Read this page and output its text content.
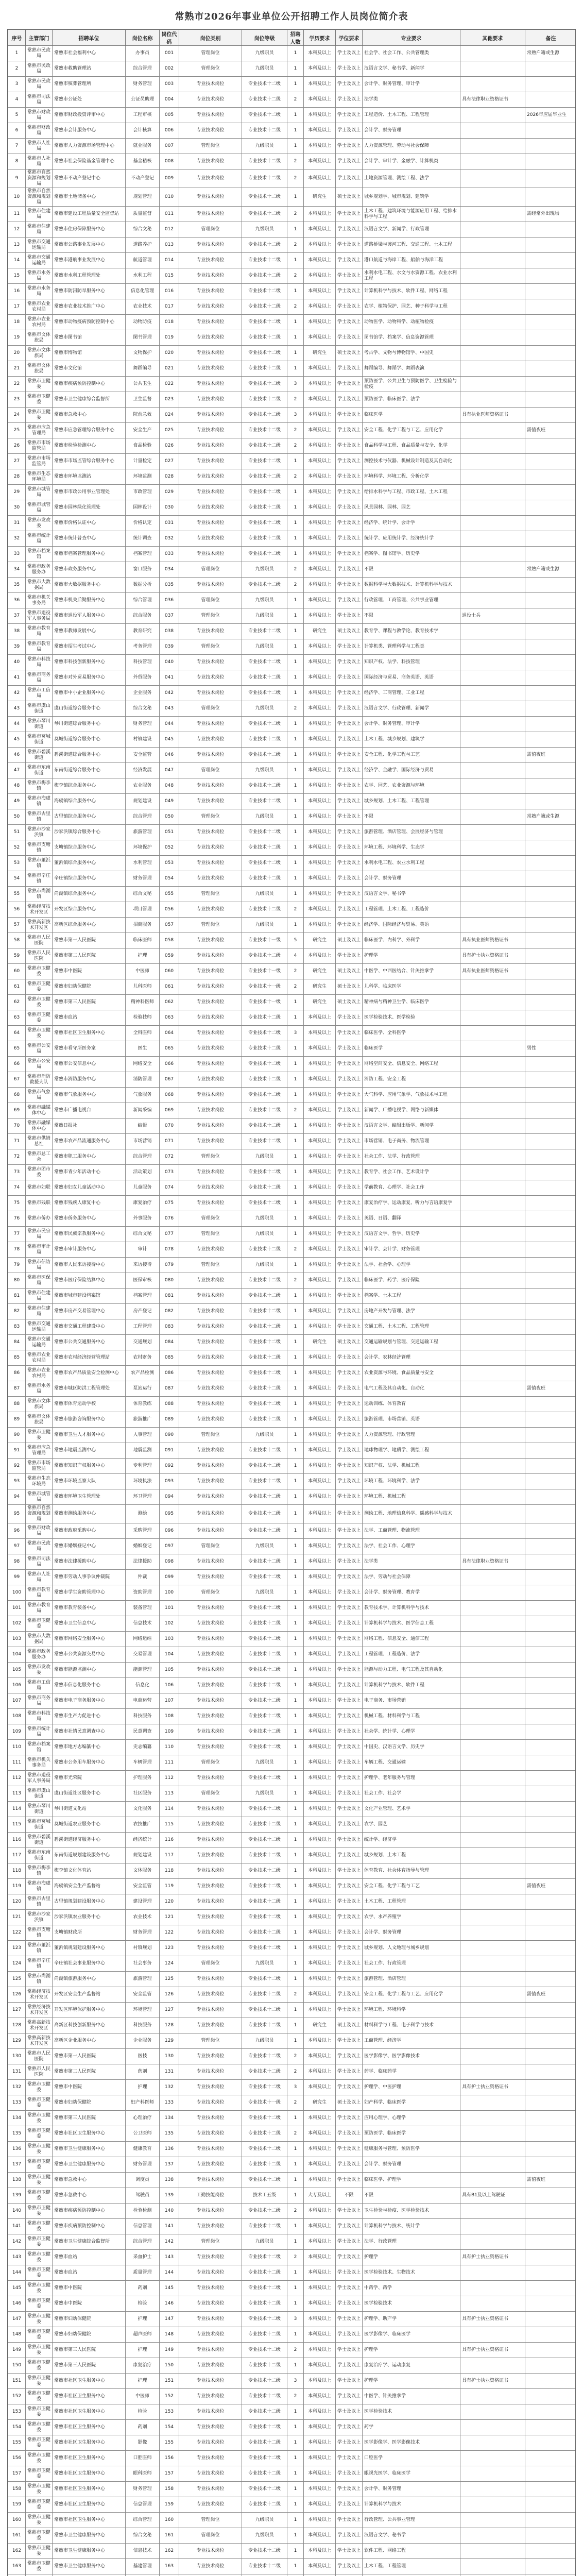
常熟市2026年事业单位公开招聘工作人员岗位简介表
序号	主管部门	招聘单位	岗位名称	岗位代码	岗位类别	岗位等级	招聘人数	学历要求	学位要求	专业要求	其他要求	备注
1	常熟市民政局	常熟市社会福利中心	办事员	001	管理岗位	九级职员	1	本科及以上	学士及以上	社会学、社会工作、公共管理类		常熟户籍或生源
2	常熟市民政局	常熟市救助管理站	综合管理	002	管理岗位	九级职员	1	本科及以上	学士及以上	汉语言文学、秘书学、新闻学		
3	常熟市民政局	常熟市殡葬管理所	财务管理	003	专业技术岗位	专业技术十二级	1	本科及以上	学士及以上	会计学、财务管理、审计学		
4	常熟市司法局	常熟市公证处	公证员助理	004	专业技术岗位	专业技术十二级	2	本科及以上	学士及以上	法学类	具有法律职业资格证书	
5	常熟市财政局	常熟市财政投资评审中心	工程审核	005	专业技术岗位	专业技术十二级	1	本科及以上	学士及以上	工程造价、土木工程、工程管理		2026年应届毕业生
6	常熟市财政局	常熟市会计服务中心	会计核算	006	专业技术岗位	专业技术十二级	1	本科及以上	学士及以上	会计学、财务管理		
7	常熟市人社局	常熟市人力资源市场管理中心	就业服务	007	管理岗位	九级职员	1	本科及以上	学士及以上	人力资源管理、劳动与社会保障		
8	常熟市人社局	常熟市社会保险基金管理中心	基金稽核	008	专业技术岗位	专业技术十二级	2	本科及以上	学士及以上	会计学、审计学、金融学、计算机类		
9	常熟市自然资源和规划局	常熟市不动产登记中心	不动产登记	009	专业技术岗位	专业技术十二级	2	本科及以上	学士及以上	土地资源管理、测绘工程、法学		
10	常熟市自然资源和规划局	常熟市土地储备中心	规划管理	010	专业技术岗位	专业技术十二级	1	研究生	硕士及以上	城乡规划学、城市规划、建筑学		
11	常熟市住建局	常熟市建设工程质量安全监督站	质量监督	011	专业技术岗位	专业技术十二级	2	本科及以上	学士及以上	土木工程、建筑环境与能源应用工程、给排水科学与工程		需经常外出现场
12	常熟市住建局	常熟市住房保障服务中心	综合文秘	012	管理岗位	九级职员	1	本科及以上	学士及以上	汉语言文学、新闻学、行政管理		
13	常熟市交通运输局	常熟市公路事业发展中心	道路养护	013	专业技术岗位	专业技术十二级	2	本科及以上	学士及以上	道路桥梁与渡河工程、交通工程、土木工程		
14	常熟市交通运输局	常熟市港航事业发展中心	航道管理	014	专业技术岗位	专业技术十二级	1	本科及以上	学士及以上	港口航道与海岸工程、船舶与海洋工程		
15	常熟市水务局	常熟市水利工程管理处	水利工程	015	专业技术岗位	专业技术十二级	2	本科及以上	学士及以上	水利水电工程、水文与水资源工程、农业水利工程		
16	常熟市水务局	常熟市防汛防旱服务中心	信息化管理	016	专业技术岗位	专业技术十二级	1	本科及以上	学士及以上	计算机科学与技术、软件工程、网络工程		
17	常熟市农业农村局	常熟市农业技术推广中心	农业技术	017	专业技术岗位	专业技术十二级	2	本科及以上	学士及以上	农学、植物保护、园艺、种子科学与工程		
18	常熟市农业农村局	常熟市动物疫病预防控制中心	动物防疫	018	专业技术岗位	专业技术十二级	1	本科及以上	学士及以上	动物医学、动物科学、动植物检疫		
19	常熟市文体旅局	常熟市图书馆	图书管理	019	专业技术岗位	专业技术十二级	1	本科及以上	学士及以上	图书馆学、档案学、信息资源管理		
20	常熟市文体旅局	常熟市博物馆	文物保护	020	专业技术岗位	专业技术十二级	1	研究生	硕士及以上	考古学、文物与博物馆学、中国史		
21	常熟市文体旅局	常熟市文化馆	舞蹈编导	021	专业技术岗位	专业技术十二级	1	本科及以上	学士及以上	舞蹈编导、舞蹈学、舞蹈表演		
22	常熟市卫健委	常熟市疾病预防控制中心	公共卫生	022	专业技术岗位	专业技术十二级	3	本科及以上	学士及以上	预防医学、公共卫生与预防医学、卫生检验与检疫		
23	常熟市卫健委	常熟市卫生健康综合监督所	卫生监督	023	专业技术岗位	专业技术十二级	2	本科及以上	学士及以上	预防医学、临床医学、法学		
24	常熟市卫健委	常熟市急救中心	院前急救	024	专业技术岗位	专业技术十二级	3	本科及以上	学士及以上	临床医学	具有执业医师资格证书	
25	常熟市应急管理局	常熟市应急管理综合服务中心	安全生产	025	专业技术岗位	专业技术十二级	2	本科及以上	学士及以上	安全工程、化学工程与工艺、应用化学		需值夜班
26	常熟市市场监管局	常熟市检验检测中心	食品检验	026	专业技术岗位	专业技术十二级	2	本科及以上	学士及以上	食品科学与工程、食品质量与安全、化学		
27	常熟市市场监管局	常熟市市场监管综合服务中心	计量检定	027	专业技术岗位	专业技术十二级	1	本科及以上	学士及以上	测控技术与仪器、机械设计制造及其自动化		
28	常熟市生态环境局	常熟市环境监测站	环境监测	028	专业技术岗位	专业技术十二级	2	本科及以上	学士及以上	环境科学、环境工程、分析化学		
29	常熟市城管局	常熟市市政公用事业管理处	市政管理	029	专业技术岗位	专业技术十二级	1	本科及以上	学士及以上	给排水科学与工程、市政工程、土木工程		
30	常熟市城管局	常熟市园林绿化管理处	园林设计	030	专业技术岗位	专业技术十二级	1	本科及以上	学士及以上	风景园林、园林、园艺		
31	常熟市发改委	常熟市价格认证中心	价格认定	031	专业技术岗位	专业技术十二级	1	本科及以上	学士及以上	经济学、统计学、会计学		
32	常熟市统计局	常熟市统计普查中心	统计调查	032	专业技术岗位	专业技术十二级	1	本科及以上	学士及以上	统计学、应用统计学、经济统计学		
33	常熟市档案馆	常熟市档案管理服务中心	档案管理	033	专业技术岗位	专业技术十二级	1	本科及以上	学士及以上	档案学、图书馆学、历史学		
34	常熟市政务服务办	常熟市政务服务中心	窗口服务	034	管理岗位	九级职员	2	本科及以上	学士及以上	不限		常熟户籍或生源
35	常熟市大数据局	常熟市大数据服务中心	数据分析	035	专业技术岗位	专业技术十二级	2	本科及以上	学士及以上	数据科学与大数据技术、计算机科学与技术		
36	常熟市机关事务局	常熟市机关后勤服务中心	综合管理	036	管理岗位	九级职员	1	本科及以上	学士及以上	行政管理、工商管理、公共事业管理		
37	常熟市退役军人事务局	常熟市退役军人服务中心	综合服务	037	管理岗位	九级职员	1	本科及以上	学士及以上	不限	退役士兵	
38	常熟市教育局	常熟市教师发展中心	教育研究	038	专业技术岗位	专业技术十二级	1	研究生	硕士及以上	教育学、课程与教学论、教育技术学		
39	常熟市教育局	常熟市招生考试中心	考务管理	039	管理岗位	九级职员	1	本科及以上	学士及以上	计算机类、管理科学与工程类		
40	常熟市科技局	常熟市科技创新服务中心	科技管理	040	专业技术岗位	专业技术十二级	1	本科及以上	学士及以上	知识产权、法学、科技管理		
41	常熟市商务局	常熟市对外贸易服务中心	外贸服务	041	专业技术岗位	专业技术十二级	1	本科及以上	学士及以上	国际经济与贸易、商务英语、英语		
42	常熟市工信局	常熟市中小企业服务中心	企业服务	042	专业技术岗位	专业技术十二级	1	本科及以上	学士及以上	经济学、工商管理、工业工程		
43	常熟市虞山街道	虞山街道综合服务中心	综合文秘	043	管理岗位	九级职员	2	本科及以上	学士及以上	汉语言文学、行政管理、新闻学		
44	常熟市琴川街道	琴川街道综合服务中心	财务管理	044	专业技术岗位	专业技术十二级	1	本科及以上	学士及以上	会计学、财务管理、审计学		
45	常熟市莫城街道	莫城街道综合服务中心	村镇建设	045	专业技术岗位	专业技术十二级	1	本科及以上	学士及以上	土木工程、城乡规划、建筑学		
46	常熟市碧溪街道	碧溪街道综合服务中心	安全监管	046	专业技术岗位	专业技术十二级	1	本科及以上	学士及以上	安全工程、化学工程与工艺		需值夜班
47	常熟市东南街道	东南街道综合服务中心	经济发展	047	管理岗位	九级职员	1	本科及以上	学士及以上	经济学、金融学、国际经济与贸易		
48	常熟市梅李镇	梅李镇综合服务中心	农业服务	048	专业技术岗位	专业技术十二级	1	本科及以上	学士及以上	农学、园艺、农业资源与环境		
49	常熟市海虞镇	海虞镇综合服务中心	规划建设	049	专业技术岗位	专业技术十二级	1	本科及以上	学士及以上	城乡规划、土木工程、工程管理		
50	常熟市古里镇	古里镇综合服务中心	综合管理	050	管理岗位	九级职员	1	本科及以上	学士及以上	不限		常熟户籍或生源
51	常熟市沙家浜镇	沙家浜镇综合服务中心	旅游管理	051	专业技术岗位	专业技术十二级	1	本科及以上	学士及以上	旅游管理、酒店管理、会展经济与管理		
52	常熟市支塘镇	支塘镇综合服务中心	环境保护	052	专业技术岗位	专业技术十二级	1	本科及以上	学士及以上	环境工程、环境科学、生态学		
53	常熟市董浜镇	董浜镇综合服务中心	水利管理	053	专业技术岗位	专业技术十二级	1	本科及以上	学士及以上	水利水电工程、农业水利工程		
54	常熟市辛庄镇	辛庄镇综合服务中心	财务管理	054	专业技术岗位	专业技术十二级	1	本科及以上	学士及以上	会计学、财务管理		
55	常熟市尚湖镇	尚湖镇综合服务中心	综合文秘	055	管理岗位	九级职员	1	本科及以上	学士及以上	汉语言文学、秘书学		
56	常熟经济技术开发区	开发区综合服务中心	项目管理	056	专业技术岗位	专业技术十二级	2	本科及以上	学士及以上	工程管理、土木工程、工程造价		
57	常熟高新技术开发区	高新区综合服务中心	招商服务	057	管理岗位	九级职员	1	本科及以上	学士及以上	经济学、国际经济与贸易、英语		
58	常熟市人民医院	常熟市第一人民医院	临床医师	058	专业技术岗位	专业技术十一级	5	研究生	硕士及以上	临床医学、内科学、外科学	具有执业医师资格证书	
59	常熟市人民医院	常熟市第二人民医院	护理	059	专业技术岗位	专业技术十二级	4	本科及以上	学士及以上	护理学	具有护士执业资格证书	
60	常熟市卫健委	常熟市中医院	中医师	060	专业技术岗位	专业技术十一级	2	研究生	硕士及以上	中医学、中西医结合、针灸推拿学	具有执业医师资格证书	
61	常熟市卫健委	常熟市妇幼保健院	儿科医师	061	专业技术岗位	专业技术十一级	2	研究生	硕士及以上	儿科学、临床医学		
62	常熟市卫健委	常熟市第三人民医院	精神科医师	062	专业技术岗位	专业技术十一级	1	研究生	硕士及以上	精神病与精神卫生学、临床医学		
63	常熟市卫健委	常熟市血站	检验技师	063	专业技术岗位	专业技术十二级	1	本科及以上	学士及以上	医学检验技术、医学检验		
64	常熟市卫健委	常熟市社区卫生服务中心	全科医师	064	专业技术岗位	专业技术十二级	3	本科及以上	学士及以上	临床医学、全科医学		
65	常熟市公安局	常熟市看守所医务室	医生	065	专业技术岗位	专业技术十二级	1	本科及以上	学士及以上	临床医学		男性
66	常熟市公安局	常熟市公安信息中心	网络安全	066	专业技术岗位	专业技术十二级	1	本科及以上	学士及以上	网络空间安全、信息安全、网络工程		
67	常熟市消防救援大队	常熟市消防服务中心	消防管理	067	专业技术岗位	专业技术十二级	1	本科及以上	学士及以上	消防工程、安全工程		
68	常熟市气象局	常熟市气象服务中心	气象服务	068	专业技术岗位	专业技术十二级	1	本科及以上	学士及以上	大气科学、应用气象学、气象技术与工程		
69	常熟市融媒体中心	常熟市广播电视台	新闻采编	069	专业技术岗位	专业技术十二级	2	本科及以上	学士及以上	新闻学、广播电视学、网络与新媒体		
70	常熟市融媒体中心	常熟日报社	编辑	070	专业技术岗位	专业技术十二级	1	本科及以上	学士及以上	汉语言文学、编辑出版学、新闻学		
71	常熟市供销总社	常熟市农产品流通服务中心	市场营销	071	专业技术岗位	专业技术十二级	1	本科及以上	学士及以上	市场营销、电子商务、物流管理		
72	常熟市总工会	常熟市职工服务中心	综合管理	072	管理岗位	九级职员	1	本科及以上	学士及以上	社会工作、法学、行政管理		
73	常熟市团市委	常熟市青少年活动中心	活动策划	073	专业技术岗位	专业技术十二级	1	本科及以上	学士及以上	教育学、社会工作、艺术设计学		
74	常熟市妇联	常熟市妇女儿童活动中心	儿童服务	074	专业技术岗位	专业技术十二级	1	本科及以上	学士及以上	学前教育、心理学、社会工作		
75	常熟市残联	常熟市残疾人康复中心	康复治疗	075	专业技术岗位	专业技术十二级	1	本科及以上	学士及以上	康复治疗学、运动康复、听力与言语康复学		
76	常熟市侨办	常熟市侨务服务中心	外事服务	076	管理岗位	九级职员	1	本科及以上	学士及以上	英语、日语、翻译		
77	常熟市民宗局	常熟市民族宗教服务中心	综合文秘	077	管理岗位	九级职员	1	本科及以上	学士及以上	汉语言文学、哲学、历史学		
78	常熟市审计局	常熟市审计服务中心	审计	078	专业技术岗位	专业技术十二级	2	本科及以上	学士及以上	审计学、会计学、财务管理		
79	常熟市信访局	常熟市人民来访接待中心	来访接待	079	管理岗位	九级职员	1	本科及以上	学士及以上	法学、社会学、心理学		
80	常熟市医保局	常熟市医疗保险结算中心	医保审核	080	专业技术岗位	专业技术十二级	2	本科及以上	学士及以上	临床医学、药学、医疗保险		
81	常熟市住建局	常熟市城市建设档案馆	档案管理	081	专业技术岗位	专业技术十二级	1	本科及以上	学士及以上	档案学、土木工程		
82	常熟市住建局	常熟市房产交易管理中心	房产登记	082	专业技术岗位	专业技术十二级	1	本科及以上	学士及以上	房地产开发与管理、法学		
83	常熟市交通运输局	常熟市交通工程建设中心	工程管理	083	专业技术岗位	专业技术十二级	1	本科及以上	学士及以上	交通工程、土木工程、工程管理		
84	常熟市交通运输局	常熟市公共交通服务中心	交通规划	084	专业技术岗位	专业技术十二级	1	研究生	硕士及以上	交通运输规划与管理、交通运输工程		
85	常熟市农业农村局	常熟市农村经济经营管理站	农村财务	085	专业技术岗位	专业技术十二级	1	本科及以上	学士及以上	会计学、农林经济管理		
86	常熟市农业农村局	常熟市农产品质量安全检测中心	农产品检测	086	专业技术岗位	专业技术十二级	1	本科及以上	学士及以上	农业资源与环境、食品质量与安全		
87	常熟市水务局	常熟市城区防洪工程管理处	泵站运行	087	专业技术岗位	专业技术十二级	1	本科及以上	学士及以上	电气工程及其自动化、自动化		需值夜班
88	常熟市文体旅局	常熟市体育运动学校	体育教练	088	专业技术岗位	专业技术十二级	1	本科及以上	学士及以上	运动训练、体育教育		
89	常熟市文体旅局	常熟市旅游咨询服务中心	旅游推广	089	专业技术岗位	专业技术十二级	1	本科及以上	学士及以上	旅游管理、市场营销、英语		
90	常熟市卫健委	常熟市卫生人才服务中心	人事管理	090	管理岗位	九级职员	1	本科及以上	学士及以上	人力资源管理、行政管理		
91	常熟市应急管理局	常熟市地震监测中心	地震监测	091	专业技术岗位	专业技术十二级	1	本科及以上	学士及以上	地球物理学、地质学、测绘工程		
92	常熟市市场监管局	常熟市知识产权服务中心	专利管理	092	专业技术岗位	专业技术十二级	1	本科及以上	学士及以上	知识产权、法学、机械工程		
93	常熟市生态环境局	常熟市环境监察大队	环境执法	093	专业技术岗位	专业技术十二级	1	本科及以上	学士及以上	环境工程、环境科学、法学		
94	常熟市城管局	常熟市环境卫生管理处	环卫管理	094	专业技术岗位	专业技术十二级	1	本科及以上	学士及以上	环境工程、机械工程		
95	常熟市自然资源和规划局	常熟市测绘服务中心	测绘	095	专业技术岗位	专业技术十二级	1	本科及以上	学士及以上	测绘工程、地理信息科学、遥感科学与技术		
96	常熟市财政局	常熟市政府采购中心	采购管理	096	专业技术岗位	专业技术十二级	1	本科及以上	学士及以上	法学、工商管理、物流管理		
97	常熟市民政局	常熟市婚姻登记中心	婚姻登记	097	管理岗位	九级职员	1	本科及以上	学士及以上	法学、社会工作、心理学		
98	常熟市司法局	常熟市法律援助中心	法律援助	098	专业技术岗位	专业技术十二级	1	本科及以上	学士及以上	法学类	具有法律职业资格证书	
99	常熟市人社局	常熟市劳动人事争议仲裁院	仲裁	099	专业技术岗位	专业技术十二级	1	本科及以上	学士及以上	法学、劳动与社会保障		
100	常熟市教育局	常熟市学生资助管理中心	资助管理	100	管理岗位	九级职员	1	本科及以上	学士及以上	会计学、财务管理、教育学		
101	常熟市教育局	常熟市教育装备中心	装备管理	101	专业技术岗位	专业技术十二级	1	本科及以上	学士及以上	教育技术学、计算机科学与技术		
102	常熟市卫健委	常熟市卫生信息中心	信息技术	102	专业技术岗位	专业技术十二级	1	本科及以上	学士及以上	计算机科学与技术、医学信息工程		
103	常熟市大数据局	常熟市网络安全服务中心	网络运维	103	专业技术岗位	专业技术十二级	1	本科及以上	学士及以上	网络工程、信息安全、通信工程		
104	常熟市政务服务办	常熟市公共资源交易中心	交易管理	104	专业技术岗位	专业技术十二级	1	本科及以上	学士及以上	工程管理、工程造价、法学		
105	常熟市发改委	常熟市能源监测中心	能源管理	105	专业技术岗位	专业技术十二级	1	本科及以上	学士及以上	能源与动力工程、电气工程及其自动化		
106	常熟市工信局	常熟市信息化服务中心	信息化	106	专业技术岗位	专业技术十二级	1	本科及以上	学士及以上	计算机科学与技术、软件工程		
107	常熟市商务局	常熟市电子商务服务中心	电商运营	107	专业技术岗位	专业技术十二级	1	本科及以上	学士及以上	电子商务、市场营销		
108	常熟市科技局	常熟市生产力促进中心	科技服务	108	专业技术岗位	专业技术十二级	1	本科及以上	学士及以上	机械工程、材料科学与工程		
109	常熟市统计局	常熟市社情民意调查中心	民意调查	109	专业技术岗位	专业技术十二级	1	本科及以上	学士及以上	社会学、统计学、心理学		
110	常熟市档案馆	常熟市地方志编纂中心	史志编纂	110	专业技术岗位	专业技术十二级	1	本科及以上	学士及以上	中国史、汉语言文学、历史学		
111	常熟市机关事务局	常熟市公务用车服务中心	车辆管理	111	管理岗位	九级职员	1	本科及以上	学士及以上	车辆工程、交通运输		
112	常熟市退役军人事务局	常熟市光荣院	护理服务	112	专业技术岗位	专业技术十二级	1	本科及以上	学士及以上	护理学、老年服务与管理		
113	常熟市虞山街道	虞山街道社区服务中心	社区服务	113	管理岗位	九级职员	1	本科及以上	学士及以上	社会工作、社会学		
114	常熟市琴川街道	琴川街道文化站	文化服务	114	专业技术岗位	专业技术十二级	1	本科及以上	学士及以上	文化产业管理、艺术学		
115	常熟市莫城街道	莫城街道农业服务中心	农技推广	115	专业技术岗位	专业技术十二级	1	本科及以上	学士及以上	农学、园艺		
116	常熟市碧溪街道	碧溪街道经济服务中心	经济统计	116	专业技术岗位	专业技术十二级	1	本科及以上	学士及以上	统计学、经济学		
117	常熟市东南街道	东南街道规划建设服务中心	规划建设	117	专业技术岗位	专业技术十二级	1	本科及以上	学士及以上	城乡规划、土木工程		
118	常熟市梅李镇	梅李镇文化体育站	文体服务	118	专业技术岗位	专业技术十二级	1	本科及以上	学士及以上	体育教育、社会体育指导与管理		
119	常熟市海虞镇	海虞镇安全生产监督站	安全监管	119	专业技术岗位	专业技术十二级	1	本科及以上	学士及以上	安全工程、化学工程与工艺		需值夜班
120	常熟市古里镇	古里镇规划建设服务中心	建设管理	120	专业技术岗位	专业技术十二级	1	本科及以上	学士及以上	土木工程、工程管理		
121	常熟市沙家浜镇	沙家浜镇农业服务中心	农业技术	121	专业技术岗位	专业技术十二级	1	本科及以上	学士及以上	农学、水产养殖学		
122	常熟市支塘镇	支塘镇财政所	财务管理	122	专业技术岗位	专业技术十二级	1	本科及以上	学士及以上	会计学、财务管理		
123	常熟市董浜镇	董浜镇规划建设服务中心	村镇规划	123	专业技术岗位	专业技术十二级	1	本科及以上	学士及以上	城乡规划、人文地理与城乡规划		
124	常熟市辛庄镇	辛庄镇社会事业服务中心	社会事务	124	管理岗位	九级职员	1	本科及以上	学士及以上	社会工作、行政管理		
125	常熟市尚湖镇	尚湖镇旅游服务中心	旅游管理	125	专业技术岗位	专业技术十二级	1	本科及以上	学士及以上	旅游管理、酒店管理		
126	常熟经济技术开发区	开发区安全生产监督站	安全监管	126	专业技术岗位	专业技术十二级	2	本科及以上	学士及以上	安全工程、化学工程与工艺、应用化学		需值夜班
127	常熟经济技术开发区	开发区环境保护服务中心	环境管理	127	专业技术岗位	专业技术十二级	1	本科及以上	学士及以上	环境工程、环境科学		
128	常熟高新技术开发区	高新区科技创新服务中心	科技服务	128	专业技术岗位	专业技术十二级	1	研究生	硕士及以上	材料科学与工程、电子科学与技术		
129	常熟高新技术开发区	高新区企业服务中心	企业服务	129	管理岗位	九级职员	1	本科及以上	学士及以上	工商管理、经济学		
130	常熟市人民医院	常熟市第一人民医院	医技	130	专业技术岗位	专业技术十二级	2	本科及以上	学士及以上	医学影像学、医学影像技术		
131	常熟市人民医院	常熟市第二人民医院	药剂	131	专业技术岗位	专业技术十二级	2	本科及以上	学士及以上	药学、临床药学		
132	常熟市卫健委	常熟市中医院	护理	132	专业技术岗位	专业技术十二级	3	本科及以上	学士及以上	护理学、中医护理	具有护士执业资格证书	
133	常熟市卫健委	常熟市妇幼保健院	妇产科医师	133	专业技术岗位	专业技术十一级	2	研究生	硕士及以上	妇产科学、临床医学		
134	常熟市卫健委	常熟市第三人民医院	心理治疗	134	专业技术岗位	专业技术十二级	1	本科及以上	学士及以上	应用心理学、心理学		
135	常熟市卫健委	常熟市社区卫生服务中心	公卫医师	135	专业技术岗位	专业技术十二级	2	本科及以上	学士及以上	预防医学、临床医学		
136	常熟市卫健委	常熟市卫生健康服务中心	健康教育	136	专业技术岗位	专业技术十二级	1	本科及以上	学士及以上	健康服务与管理、预防医学		
137	常熟市卫健委	常熟市卫生健康服务中心	财务管理	137	专业技术岗位	专业技术十二级	1	本科及以上	学士及以上	会计学、财务管理		
138	常熟市卫健委	常熟市急救中心	调度员	138	专业技术岗位	专业技术十二级	1	本科及以上	学士及以上	临床医学、护理学		需值夜班
139	常熟市卫健委	常熟市急救中心	驾驶员	139	工勤技能岗位	技术工五级	1	大专及以上	不限	不限	具有B1及以上驾驶证	
140	常熟市卫健委	常熟市疾病预防控制中心	检验检测	140	专业技术岗位	专业技术十二级	2	本科及以上	学士及以上	卫生检验与检疫、医学检验技术		
141	常熟市卫健委	常熟市疾病预防控制中心	信息管理	141	专业技术岗位	专业技术十二级	1	本科及以上	学士及以上	计算机科学与技术、统计学		
142	常熟市卫健委	常熟市卫生健康综合监督所	综合管理	142	管理岗位	九级职员	1	本科及以上	学士及以上	法学、行政管理		
143	常熟市卫健委	常熟市血站	采血护士	143	专业技术岗位	专业技术十二级	2	本科及以上	学士及以上	护理学	具有护士执业资格证书	
144	常熟市卫健委	常熟市血站	质量管理	144	专业技术岗位	专业技术十二级	1	本科及以上	学士及以上	医学检验技术、生物技术		
145	常熟市卫健委	常熟市中医院	药剂	145	专业技术岗位	专业技术十二级	1	本科及以上	学士及以上	中药学、药学		
146	常熟市卫健委	常熟市中医院	检验	146	专业技术岗位	专业技术十二级	1	本科及以上	学士及以上	医学检验技术		
147	常熟市卫健委	常熟市妇幼保健院	护理	147	专业技术岗位	专业技术十二级	3	本科及以上	学士及以上	护理学、助产学	具有护士执业资格证书	
148	常熟市卫健委	常熟市妇幼保健院	超声医师	148	专业技术岗位	专业技术十二级	1	本科及以上	学士及以上	医学影像学、临床医学		
149	常熟市卫健委	常熟市第三人民医院	护理	149	专业技术岗位	专业技术十二级	2	本科及以上	学士及以上	护理学	具有护士执业资格证书	
150	常熟市卫健委	常熟市第三人民医院	康复治疗	150	专业技术岗位	专业技术十二级	1	本科及以上	学士及以上	康复治疗学、运动康复		
151	常熟市卫健委	常熟市社区卫生服务中心	护理	151	专业技术岗位	专业技术十二级	3	本科及以上	学士及以上	护理学	具有护士执业资格证书	
152	常熟市卫健委	常熟市社区卫生服务中心	中医师	152	专业技术岗位	专业技术十二级	2	本科及以上	学士及以上	中医学、针灸推拿学		
153	常熟市卫健委	常熟市社区卫生服务中心	检验	153	专业技术岗位	专业技术十二级	1	本科及以上	学士及以上	医学检验技术		
154	常熟市卫健委	常熟市社区卫生服务中心	药剂	154	专业技术岗位	专业技术十二级	1	本科及以上	学士及以上	药学		
155	常熟市卫健委	常熟市社区卫生服务中心	影像	155	专业技术岗位	专业技术十二级	1	本科及以上	学士及以上	医学影像学、医学影像技术		
156	常熟市卫健委	常熟市社区卫生服务中心	口腔医师	156	专业技术岗位	专业技术十二级	1	本科及以上	学士及以上	口腔医学		
157	常熟市卫健委	常熟市社区卫生服务中心	眼科医师	157	专业技术岗位	专业技术十二级	1	本科及以上	学士及以上	眼视光医学、临床医学		
158	常熟市卫健委	常熟市社区卫生服务中心	财务管理	158	专业技术岗位	专业技术十二级	1	本科及以上	学士及以上	会计学、财务管理		
159	常熟市卫健委	常熟市社区卫生服务中心	信息管理	159	专业技术岗位	专业技术十二级	1	本科及以上	学士及以上	计算机科学与技术		
160	常熟市卫健委	常熟市社区卫生服务中心	综合管理	160	管理岗位	九级职员	1	本科及以上	学士及以上	行政管理、公共事业管理		
161	常熟市卫健委	常熟市卫生健康服务中心	综合文秘	161	管理岗位	九级职员	1	本科及以上	学士及以上	汉语言文学、秘书学		
162	常熟市卫健委	常熟市卫生健康服务中心	信息技术	162	专业技术岗位	专业技术十二级	1	本科及以上	学士及以上	软件工程、网络工程		
163	常熟市卫健委	常熟市卫生健康服务中心	基建管理	163	专业技术岗位	专业技术十二级	1	本科及以上	学士及以上	土木工程、工程管理		
